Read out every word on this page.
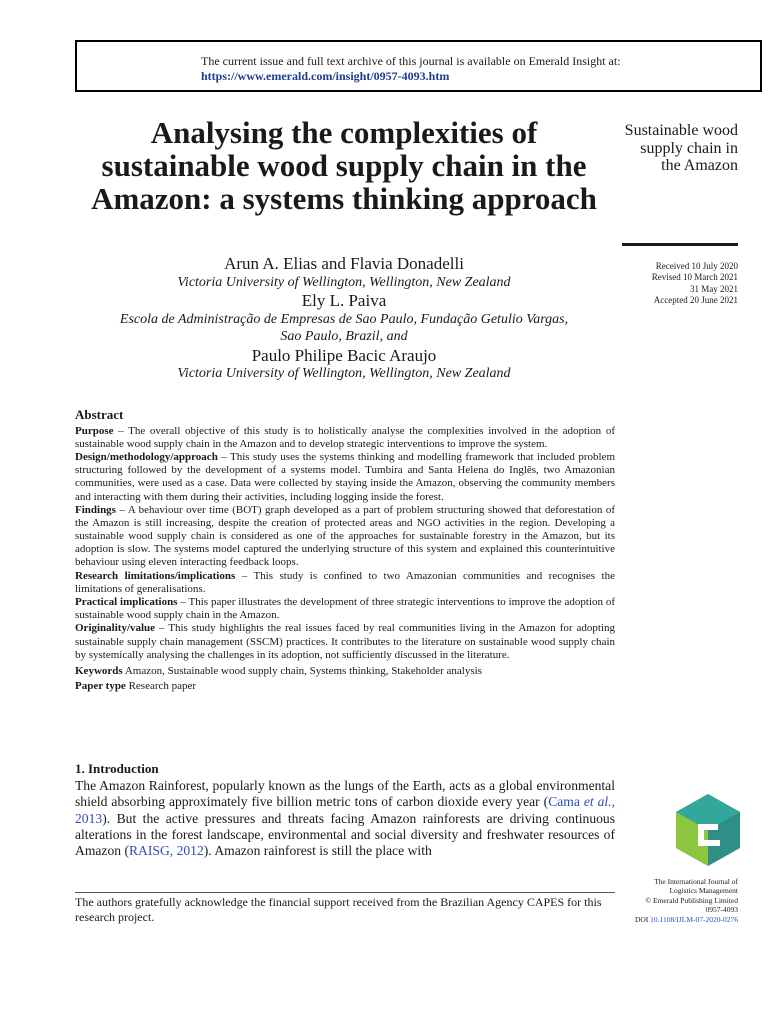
The current issue and full text archive of this journal is available on Emerald Insight at:
https://www.emerald.com/insight/0957-4093.htm
Analysing the complexities of sustainable wood supply chain in the Amazon: a systems thinking approach
Sustainable wood supply chain in the Amazon
Received 10 July 2020
Revised 10 March 2021
31 May 2021
Accepted 20 June 2021
Arun A. Elias and Flavia Donadelli
Victoria University of Wellington, Wellington, New Zealand
Ely L. Paiva
Escola de Administração de Empresas de Sao Paulo, Fundação Getulio Vargas,
Sao Paulo, Brazil, and
Paulo Philipe Bacic Araujo
Victoria University of Wellington, Wellington, New Zealand
Abstract

Purpose – The overall objective of this study is to holistically analyse the complexities involved in the adoption of sustainable wood supply chain in the Amazon and to develop strategic interventions to improve the system.

Design/methodology/approach – This study uses the systems thinking and modelling framework that included problem structuring followed by the development of a systems model. Tumbira and Santa Helena do Inglês, two Amazonian communities, were used as a case. Data were collected by staying inside the Amazon, observing the community members and interacting with them during their activities, including logging inside the forest.

Findings – A behaviour over time (BOT) graph developed as a part of problem structuring showed that deforestation of the Amazon is still increasing, despite the creation of protected areas and NGO activities in the region. Developing a sustainable wood supply chain is considered as one of the approaches for sustainable forestry in the Amazon, but its adoption is slow. The systems model captured the underlying structure of this system and explained this counterintuitive behaviour using eleven interacting feedback loops.

Research limitations/implications – This study is confined to two Amazonian communities and recognises the limitations of generalisations.

Practical implications – This paper illustrates the development of three strategic interventions to improve the adoption of sustainable wood supply chain in the Amazon.

Originality/value – This study highlights the real issues faced by real communities living in the Amazon for adopting sustainable supply chain management (SSCM) practices. It contributes to the literature on sustainable wood supply chain by systemically analysing the challenges in its adoption, not sufficiently discussed in the literature.

Keywords Amazon, Sustainable wood supply chain, Systems thinking, Stakeholder analysis

Paper type Research paper

1. Introduction

The Amazon Rainforest, popularly known as the lungs of the Earth, acts as a global environmental shield absorbing approximately five billion metric tons of carbon dioxide every year (Cama et al., 2013). But the active pressures and threats facing Amazon rainforests are driving continuous alterations in the forest landscape, environmental and social diversity and freshwater resources of Amazon (RAISG, 2012). Amazon rainforest is still the place with

The authors gratefully acknowledge the financial support received from the Brazilian Agency CAPES for this research project.
The International Journal of
Logistics Management
© Emerald Publishing Limited
0957-4093
DOI 10.1108/IJLM-07-2020-0276
